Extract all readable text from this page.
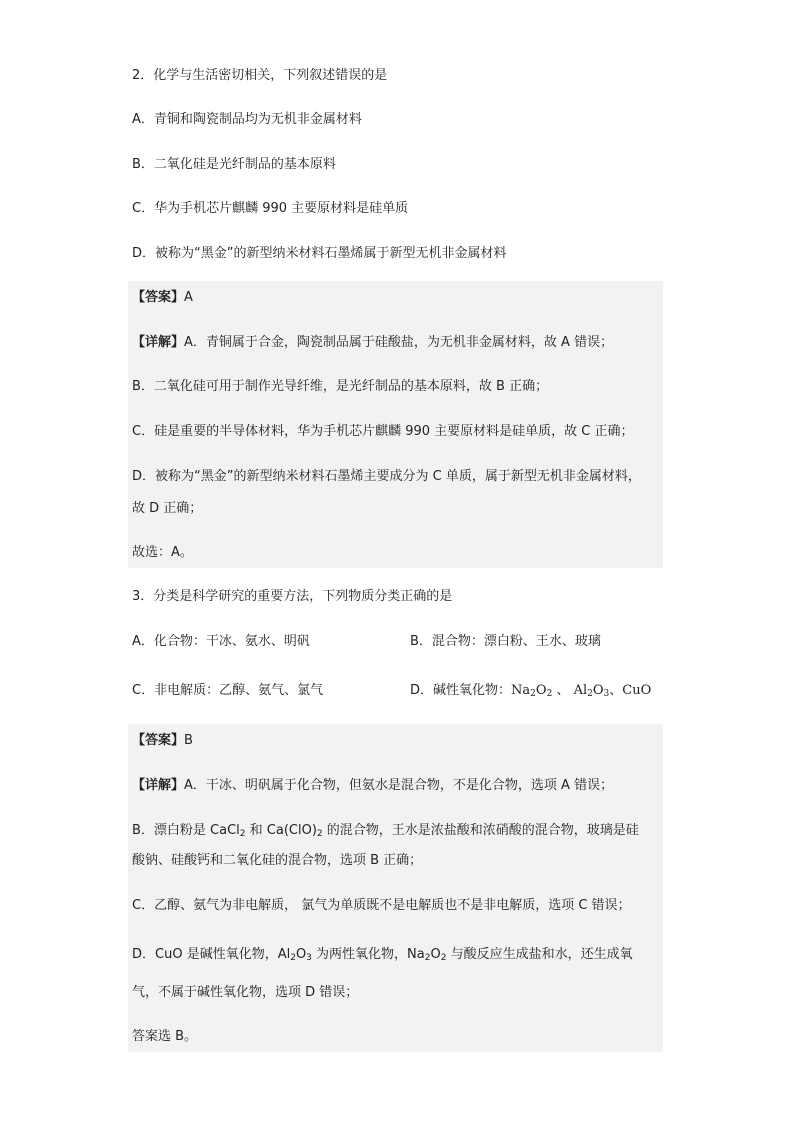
2．化学与生活密切相关，下列叙述错误的是
A．青铜和陶瓷制品均为无机非金属材料
B．二氧化硅是光纤制品的基本原料
C．华为手机芯片麒麟 990 主要原材料是硅单质
D．被称为“黑金”的新型纳米材料石墨烯属于新型无机非金属材料
【答案】A
【详解】A．青铜属于合金，陶瓷制品属于硅酸盐，为无机非金属材料，故 A 错误；
B．二氧化硅可用于制作光导纤维，是光纤制品的基本原料，故 B 正确；
C．硅是重要的半导体材料，华为手机芯片麒麟 990 主要原材料是硅单质，故 C 正确；
D．被称为“黑金”的新型纳米材料石墨烯主要成分为 C 单质，属于新型无机非金属材料，
故 D 正确；
故选：A。
3．分类是科学研究的重要方法，下列物质分类正确的是
A．化合物：干冰、氨水、明矾	B．混合物：漂白粉、王水、玻璃
C．非电解质：乙醇、氨气、氯气	D．碱性氧化物：$Na_2O_2$ 、 $Al_2O_3$、CuO
【答案】B
【详解】A．干冰、明矾属于化合物，但氨水是混合物，不是化合物，选项 A 错误；
B．漂白粉是 CaCl$_2$ 和 $Ca(ClO)_2$ 的混合物，王水是浓盐酸和浓硝酸的混合物，玻璃是硅
酸钠、硅酸钙和二氧化硅的混合物，选项 B 正确；
C．乙醇、氨气为非电解质， 氯气为单质既不是电解质也不是非电解质，选项 C 错误；
D．CuO 是碱性氧化物，$Al_2O_3$ 为两性氧化物，$Na_2O_2$ 与酸反应生成盐和水，还生成氧
气，不属于碱性氧化物，选项 D 错误；
答案选 B。
